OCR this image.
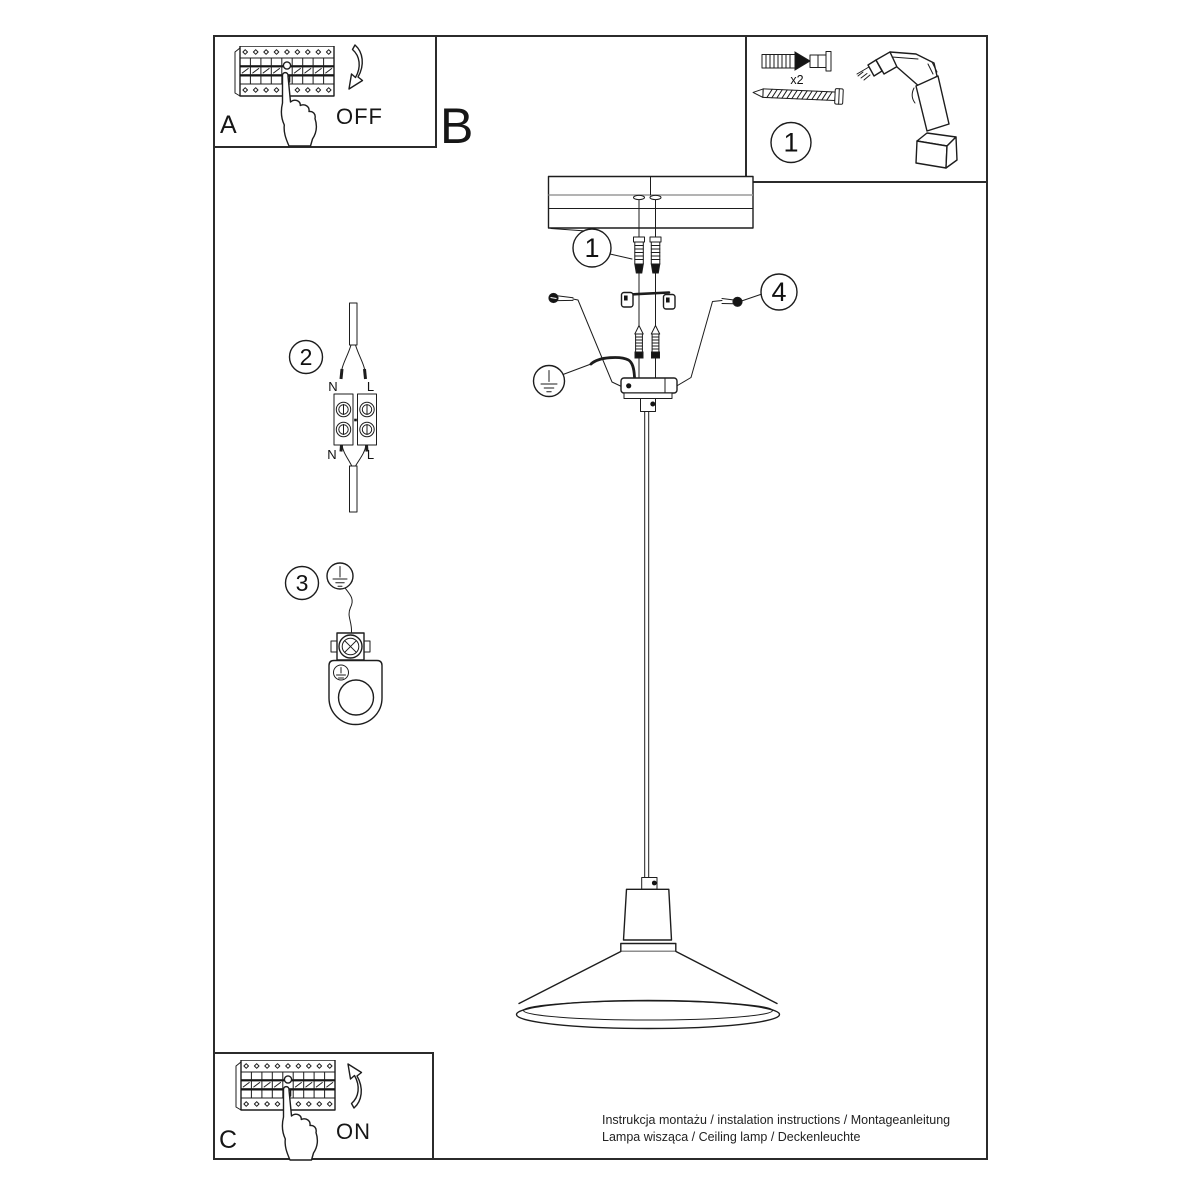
A	OFF B
x2
1
1
4
2
N L
N L
3
C	ON	Instrukcja montażu / instalation instructions / Montageanleitung
Lampa wisząca / Ceiling lamp / Deckenleuchte
